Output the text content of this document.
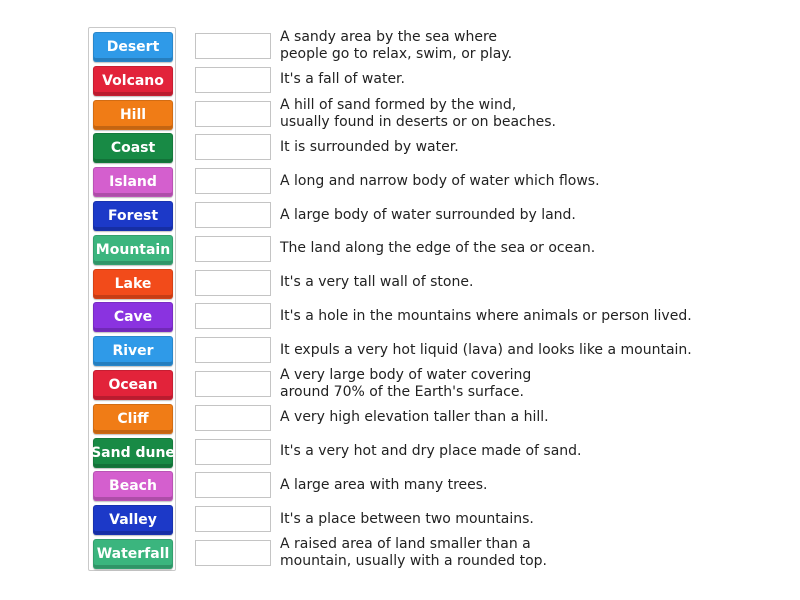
Desert
Volcano
Hill
Coast
Island
Forest
Mountain
Lake
Cave
River
Ocean
Cliff
Sand dune
Beach
Valley
Waterfall
A sandy area by the sea where
people go to relax, swim, or play.
It's a fall of water.
A hill of sand formed by the wind,
usually found in deserts or on beaches.
It is surrounded by water.
A long and narrow body of water which flows.
A large body of water surrounded by land.
The land along the edge of the sea or ocean.
It's a very tall wall of stone.
It's a hole in the mountains where animals or person lived.
It expuls a very hot liquid (lava) and looks like a mountain.
A very large body of water covering
around 70% of the Earth's surface.
A very high elevation taller than a hill.
It's a very hot and dry place made of sand.
A large area with many trees.
It's a place between two mountains.
A raised area of land smaller than a
mountain, usually with a rounded top.
